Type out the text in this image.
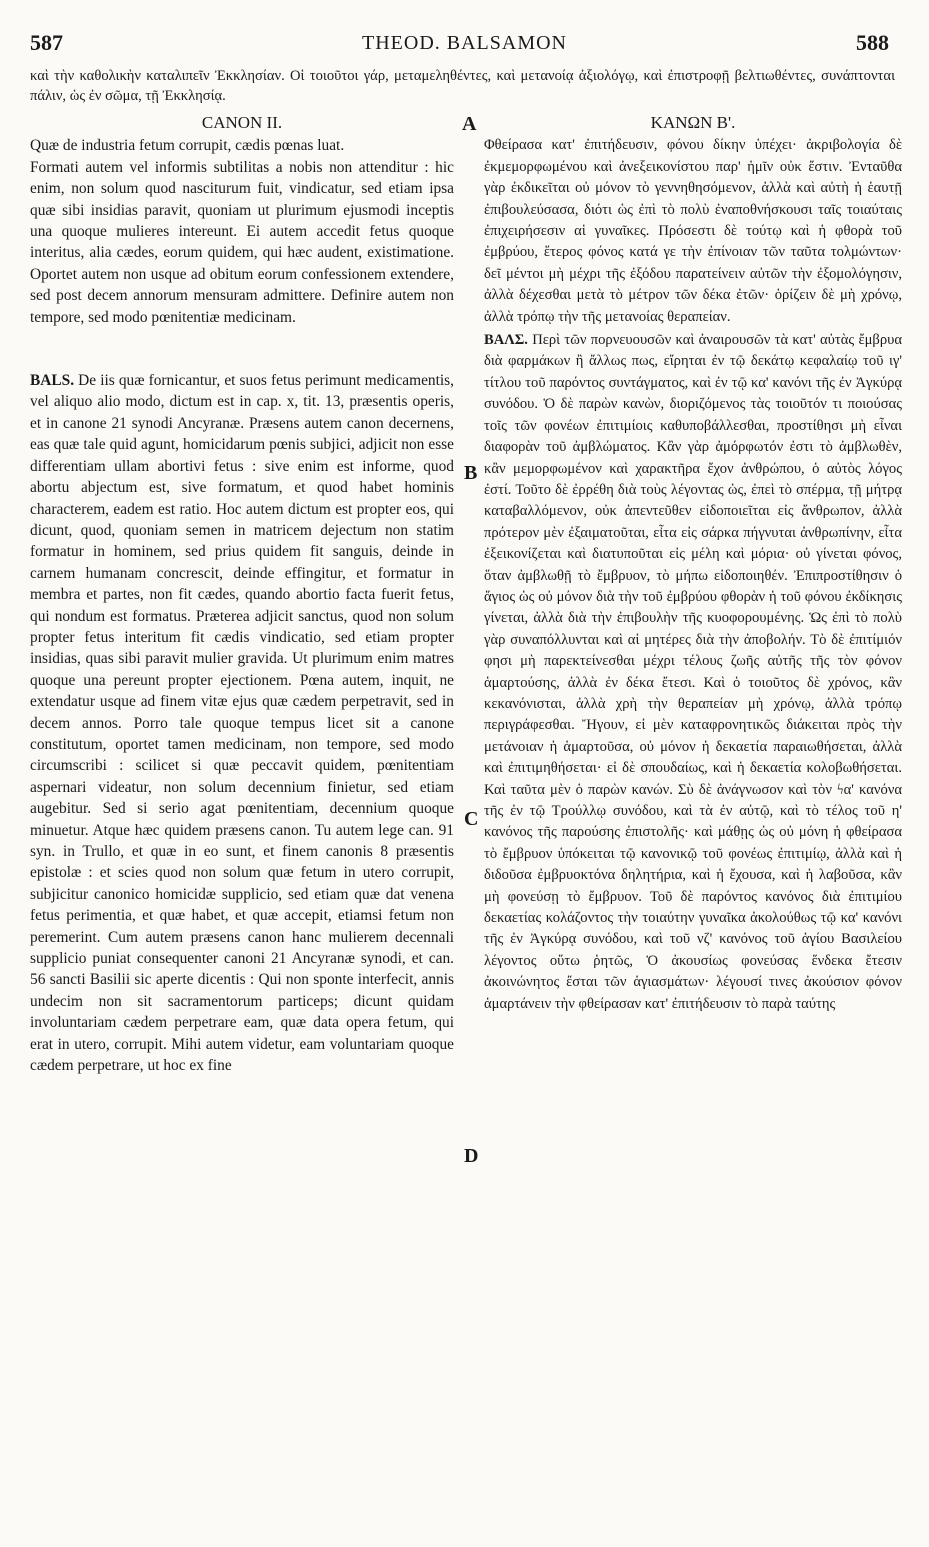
587	THEOD. BALSAMON	588
καὶ τὴν καθολικὴν καταλιπεῖν Ἐκκλησίαν. Οἱ τοιοῦτοι γάρ, μεταμεληθέντες, καὶ μετανοίᾳ ἀξιολόγῳ, καὶ ἐπιστροφῇ βελτιωθέντες, συνάπτονται πάλιν, ὡς ἐν σῶμα, τῇ Ἐκκλησίᾳ.
A
B
C
D
CANON II.

Quæ de industria fetum corrupit, cædis pœnas luat.

Formati autem vel informis subtilitas a nobis non attenditur : hic enim, non solum quod nasciturum fuit, vindicatur, sed etiam ipsa quæ sibi insidias paravit, quoniam ut plurimum ejusmodi inceptis una quoque mulieres intereunt. Ei autem accedit fetus quoque interitus, alia cædes, eorum quidem, qui hæc audent, existimatione. Oportet autem non usque ad obitum eorum confessionem extendere, sed post decem annorum mensuram admittere. Definire autem non tempore, sed modo pœnitentiæ medicinam.

BALS. De iis quæ fornicantur, et suos fetus perimunt medicamentis, vel aliquo alio modo, dictum est in cap. x, tit. 13, præsentis operis, et in canone 21 synodi Ancyranæ. Præsens autem canon decernens, eas quæ tale quid agunt, homicidarum pœnis subjici, adjicit non esse differentiam ullam abortivi fetus : sive enim est informe, quod abortu abjectum est, sive formatum, et quod habet hominis characterem, eadem est ratio. Hoc autem dictum est propter eos, qui dicunt, quod, quoniam semen in matricem dejectum non statim formatur in hominem, sed prius quidem fit sanguis, deinde in carnem humanam concrescit, deinde effingitur, et formatur in membra et partes, non fit cædes, quando abortio facta fuerit fetus, qui nondum est formatus. Præterea adjicit sanctus, quod non solum propter fetus interitum fit cædis vindicatio, sed etiam propter insidias, quas sibi paravit mulier gravida. Ut plurimum enim matres quoque una pereunt propter ejectionem. Pœna autem, inquit, ne extendatur usque ad finem vitæ ejus quæ cædem perpetravit, sed in decem annos. Porro tale quoque tempus licet sit a canone constitutum, oportet tamen medicinam, non tempore, sed modo circumscribi : scilicet si quæ peccavit quidem, pœnitentiam aspernari videatur, non solum decennium finietur, sed etiam augebitur. Sed si serio agat pœnitentiam, decennium quoque minuetur. Atque hæc quidem præsens canon. Tu autem lege can. 91 syn. in Trullo, et quæ in eo sunt, et finem canonis 8 præsentis epistolæ : et scies quod non solum quæ fetum in utero corrupit, subjicitur canonico homicidæ supplicio, sed etiam quæ dat venena fetus perimentia, et quæ habet, et quæ accepit, etiamsi fetum non peremerint. Cum autem præsens canon hanc mulierem decennali supplicio puniat consequenter canoni 21 Ancyranæ synodi, et can. 56 sancti Basilii sic aperte dicentis : Qui non sponte interfecit, annis undecim non sit sacramentorum particeps; dicunt quidam involuntariam cædem perpetrare eam, quæ data opera fetum, qui erat in utero, corrupit. Mihi autem videtur, eam voluntariam quoque cædem perpetrare, ut hoc ex fine

ΚΑΝΩΝ Β'.

Φθείρασα κατ' ἐπιτήδευσιν, φόνου δίκην ὑπέχει· ἀκριβολογία δὲ ἐκμεμορφωμένου καὶ ἀνεξεικονίστου παρ' ἡμῖν οὐκ ἔστιν. Ἐνταῦθα γὰρ ἐκδικεῖται οὐ μόνον τὸ γεννηθησόμενον, ἀλλὰ καὶ αὐτὴ ἡ ἑαυτῇ ἐπιβουλεύσασα, διότι ὡς ἐπὶ τὸ πολὺ ἐναποθνήσκουσι ταῖς τοιαύταις ἐπιχειρήσεσιν αἱ γυναῖκες. Πρόσεστι δὲ τούτῳ καὶ ἡ φθορὰ τοῦ ἐμβρύου, ἕτερος φόνος κατά γε τὴν ἐπίνοιαν τῶν ταῦτα τολμώντων· δεῖ μέντοι μὴ μέχρι τῆς ἐξόδου παρατείνειν αὐτῶν τὴν ἐξομολόγησιν, ἀλλὰ δέχεσθαι μετὰ τὸ μέτρον τῶν δέκα ἐτῶν· ὁρίζειν δὲ μὴ χρόνῳ, ἀλλὰ τρόπῳ τὴν τῆς μετανοίας θεραπείαν.

ΒΑΛΣ. Περὶ τῶν πορνευουσῶν καὶ ἀναιρουσῶν τὰ κατ' αὐτὰς ἔμβρυα διὰ φαρμάκων ἢ ἄλλως πως, εἴρηται ἐν τῷ δεκάτῳ κεφαλαίῳ τοῦ ιγ' τίτλου τοῦ παρόντος συντάγματος, καὶ ἐν τῷ κα' κανόνι τῆς ἐν Ἀγκύρᾳ συνόδου. Ὁ δὲ παρὼν κανὼν, διοριζόμενος τὰς τοιοῦτόν τι ποιούσας τοῖς τῶν φονέων ἐπιτιμίοις καθυποβάλλεσθαι, προστίθησι μὴ εἶναι διαφορὰν τοῦ ἀμβλώματος. Κἂν γὰρ ἀμόρφωτόν ἐστι τὸ ἀμβλωθὲν, κἂν μεμορφωμένον καὶ χαρακτῆρα ἔχον ἀνθρώπου, ὁ αὐτὸς λόγος ἐστί. Τοῦτο δὲ ἐρρέθη διὰ τοὺς λέγοντας ὡς, ἐπεὶ τὸ σπέρμα, τῇ μήτρᾳ καταβαλλόμενον, οὐκ ἀπεντεῦθεν εἰδοποιεῖται εἰς ἄνθρωπον, ἀλλὰ πρότερον μὲν ἐξαιματοῦται, εἶτα εἰς σάρκα πήγνυται ἀνθρωπίνην, εἶτα ἐξεικονίζεται καὶ διατυποῦται εἰς μέλη καὶ μόρια· οὐ γίνεται φόνος, ὅταν ἀμβλωθῇ τὸ ἔμβρυον, τὸ μήπω εἰδοποιηθέν. Ἐπιπροστίθησιν ὁ ἅγιος ὡς οὐ μόνον διὰ τὴν τοῦ ἐμβρύου φθορὰν ἡ τοῦ φόνου ἐκδίκησις γίνεται, ἀλλὰ διὰ τὴν ἐπιβουλὴν τῆς κυοφορουμένης. Ὡς ἐπὶ τὸ πολὺ γὰρ συναπόλλυνται καὶ αἱ μητέρες διὰ τὴν ἀποβολήν. Τὸ δὲ ἐπιτίμιόν φησι μὴ παρεκτείνεσθαι μέχρι τέλους ζωῆς αὐτῆς τῆς τὸν φόνον ἁμαρτούσης, ἀλλὰ ἐν δέκα ἔτεσι. Καὶ ὁ τοιοῦτος δὲ χρόνος, κἂν κεκανόνισται, ἀλλὰ χρὴ τὴν θεραπείαν μὴ χρόνῳ, ἀλλὰ τρόπῳ περιγράφεσθαι. Ἤγουν, εἰ μὲν καταφρονητικῶς διάκειται πρὸς τὴν μετάνοιαν ἡ ἁμαρτοῦσα, οὐ μόνον ἡ δεκαετία παραιωθήσεται, ἀλλὰ καὶ ἐπιτιμηθήσεται· εἰ δὲ σπουδαίως, καὶ ἡ δεκαετία κολοβωθήσεται. Καὶ ταῦτα μὲν ὁ παρὼν κανών. Σὺ δὲ ἀνάγνωσον καὶ τὸν ϟα' κανόνα τῆς ἐν τῷ Τρούλλῳ συνόδου, καὶ τὰ ἐν αὐτῷ, καὶ τὸ τέλος τοῦ η' κανόνος τῆς παρούσης ἐπιστολῆς· καὶ μάθῃς ὡς οὐ μόνη ἡ φθείρασα τὸ ἔμβρυον ὑπόκειται τῷ κανονικῷ τοῦ φονέως ἐπιτιμίῳ, ἀλλὰ καὶ ἡ διδοῦσα ἐμβρυοκτόνα δηλητήρια, καὶ ἡ ἔχουσα, καὶ ἡ λαβοῦσα, κἂν μὴ φονεύσῃ τὸ ἔμβρυον. Τοῦ δὲ παρόντος κανόνος διὰ ἐπιτιμίου δεκαετίας κολάζοντος τὴν τοιαύτην γυναῖκα ἀκολούθως τῷ κα' κανόνι τῆς ἐν Ἀγκύρᾳ συνόδου, καὶ τοῦ νζ' κανόνος τοῦ ἁγίου Βασιλείου λέγοντος οὕτω ῥητῶς, Ὁ ἀκουσίως φονεύσας ἕνδεκα ἔτεσιν ἀκοινώνητος ἔσται τῶν ἁγιασμάτων· λέγουσί τινες ἀκούσιον φόνον ἁμαρτάνειν τὴν φθείρασαν κατ' ἐπιτήδευσιν τὸ παρὰ ταύτης
